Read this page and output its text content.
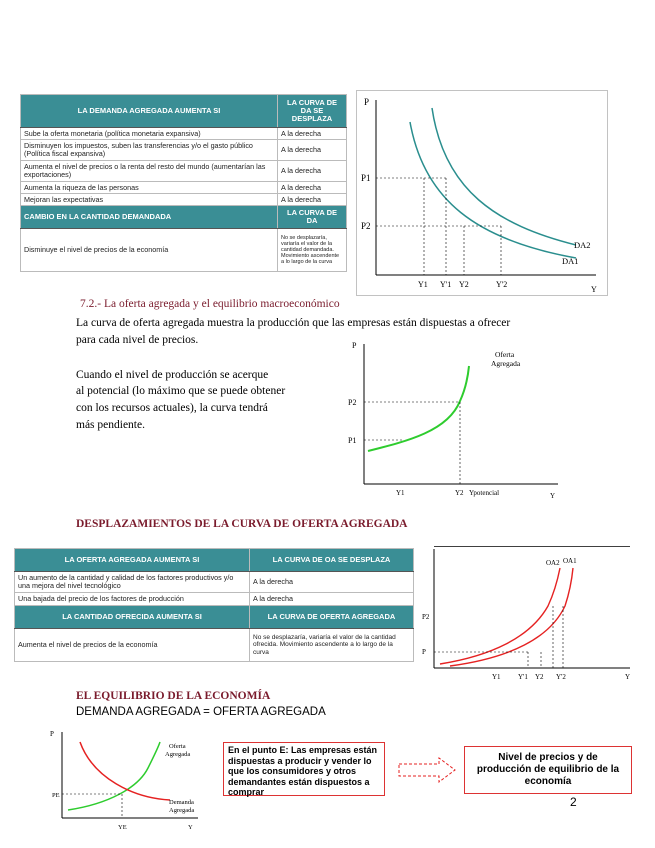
LA DEMANDA AGREGADA AUMENTA SI	LA CURVA DE DA SE DESPLAZA
Sube la oferta monetaria (política monetaria expansiva)	A la derecha
Disminuyen los impuestos, suben las transferencias y/o el gasto público (Política fiscal expansiva)	A la derecha
Aumenta el nivel de precios o la renta del resto del mundo (aumentarían las exportaciones)	A la derecha
Aumenta la riqueza de las personas	A la derecha
Mejoran las expectativas	A la derecha
CAMBIO EN LA CANTIDAD DEMANDADA	LA CURVA DE DA
Disminuye el nivel de precios de la economía	No se desplazaría, variaría el valor de la cantidad demandada. Movimiento ascendente a lo largo de la curva
P
P1
P2
DA2
DA1
Y1 Y'1 Y2	Y'2
Y
7.2.- La oferta agregada y el equilibrio macroeconómico
La curva de oferta agregada muestra la producción que las empresas están dispuestas a ofrecer
para cada nivel de precios.
Cuando el nivel de producción se acerque
al potencial (lo máximo que se puede obtener
con los recursos actuales), la curva tendrá
más pendiente.
P
P2
P1
Oferta
Agregada
Y1	Y2 Ypotencial	Y
DESPLAZAMIENTOS DE LA CURVA DE OFERTA AGREGADA
LA OFERTA AGREGADA AUMENTA SI	LA CURVA DE OA SE DESPLAZA
Un aumento de la cantidad y calidad de los factores productivos y/o una mejora del nivel tecnológico	A la derecha
Una bajada del precio de los factores de producción	A la derecha
LA CANTIDAD OFRECIDA AUMENTA SI	LA CURVA DE OFERTA AGREGADA
Aumenta el nivel de precios de la economía	No se desplazaría, variaría el valor de la cantidad ofrecida. Movimiento ascendente a lo largo de la curva
OA2 OA1
P2
P
Y1 Y'1 Y2 Y'2	Y
EL EQUILIBRIO DE LA ECONOMÍA
DEMANDA AGREGADA = OFERTA AGREGADA
P
Oferta
Agregada
Demanda
Agregada
PE
YE	Y
En el punto E: Las empresas están dispuestas a producir y vender lo que los consumidores y otros demandantes están dispuestos a comprar
Nivel de precios y de producción de equilibrio de la economía
2
